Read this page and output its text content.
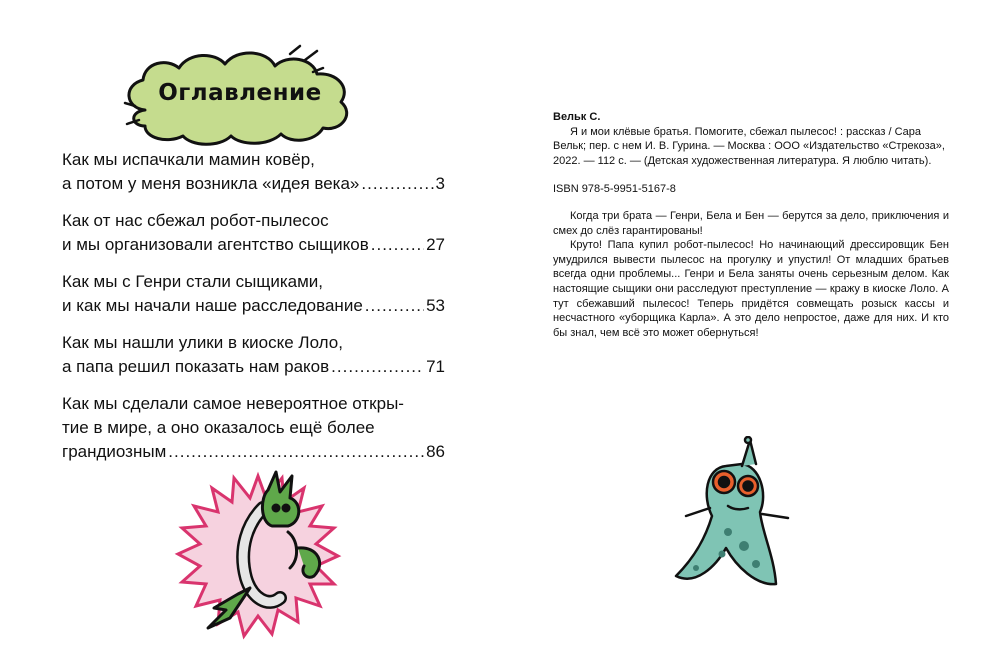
Оглавление
Как мы испачкали мамин ковёр,
а потом у меня возникла «идея века» .....	3
Как от нас сбежал робот-пылесос
и мы организовали агентство сыщиков .....	27
Как мы с Генри стали сыщиками,
и как мы начали наше расследование .....	53
Как мы нашли улики в киоске Лоло,
а папа решил показать нам раков .....	71
Как мы сделали самое невероятное откры-
тие в мире, а оно оказалось ещё более
грандиозным .....	86
Вельк С.
Я и мои клёвые братья. Помогите, сбежал пылесос! : рассказ / Сара Вельк; пер. с нем И. В. Гурина. — Москва : ООО «Издательство «Стрекоза», 2022. — 112 с. — (Детская художественная литература. Я люблю читать).
ISBN 978-5-9951-5167-8

Когда три брата — Генри, Бела и Бен — берутся за дело, приключения и смех до слёз гарантированы!

Круто! Папа купил робот-пылесос! Но начинающий дрессировщик Бен умудрился вывести пылесос на прогулку и упустил! От младших братьев всегда одни проблемы... Генри и Бела заняты очень серьезным делом. Как настоящие сыщики они расследуют преступление — кражу в киоске Лоло. А тут сбежавший пылесос! Теперь придётся совмещать розыск кассы и несчастного «уборщика Карла». А это дело непростое, даже для них. И кто бы знал, чем всё это может обернуться!
